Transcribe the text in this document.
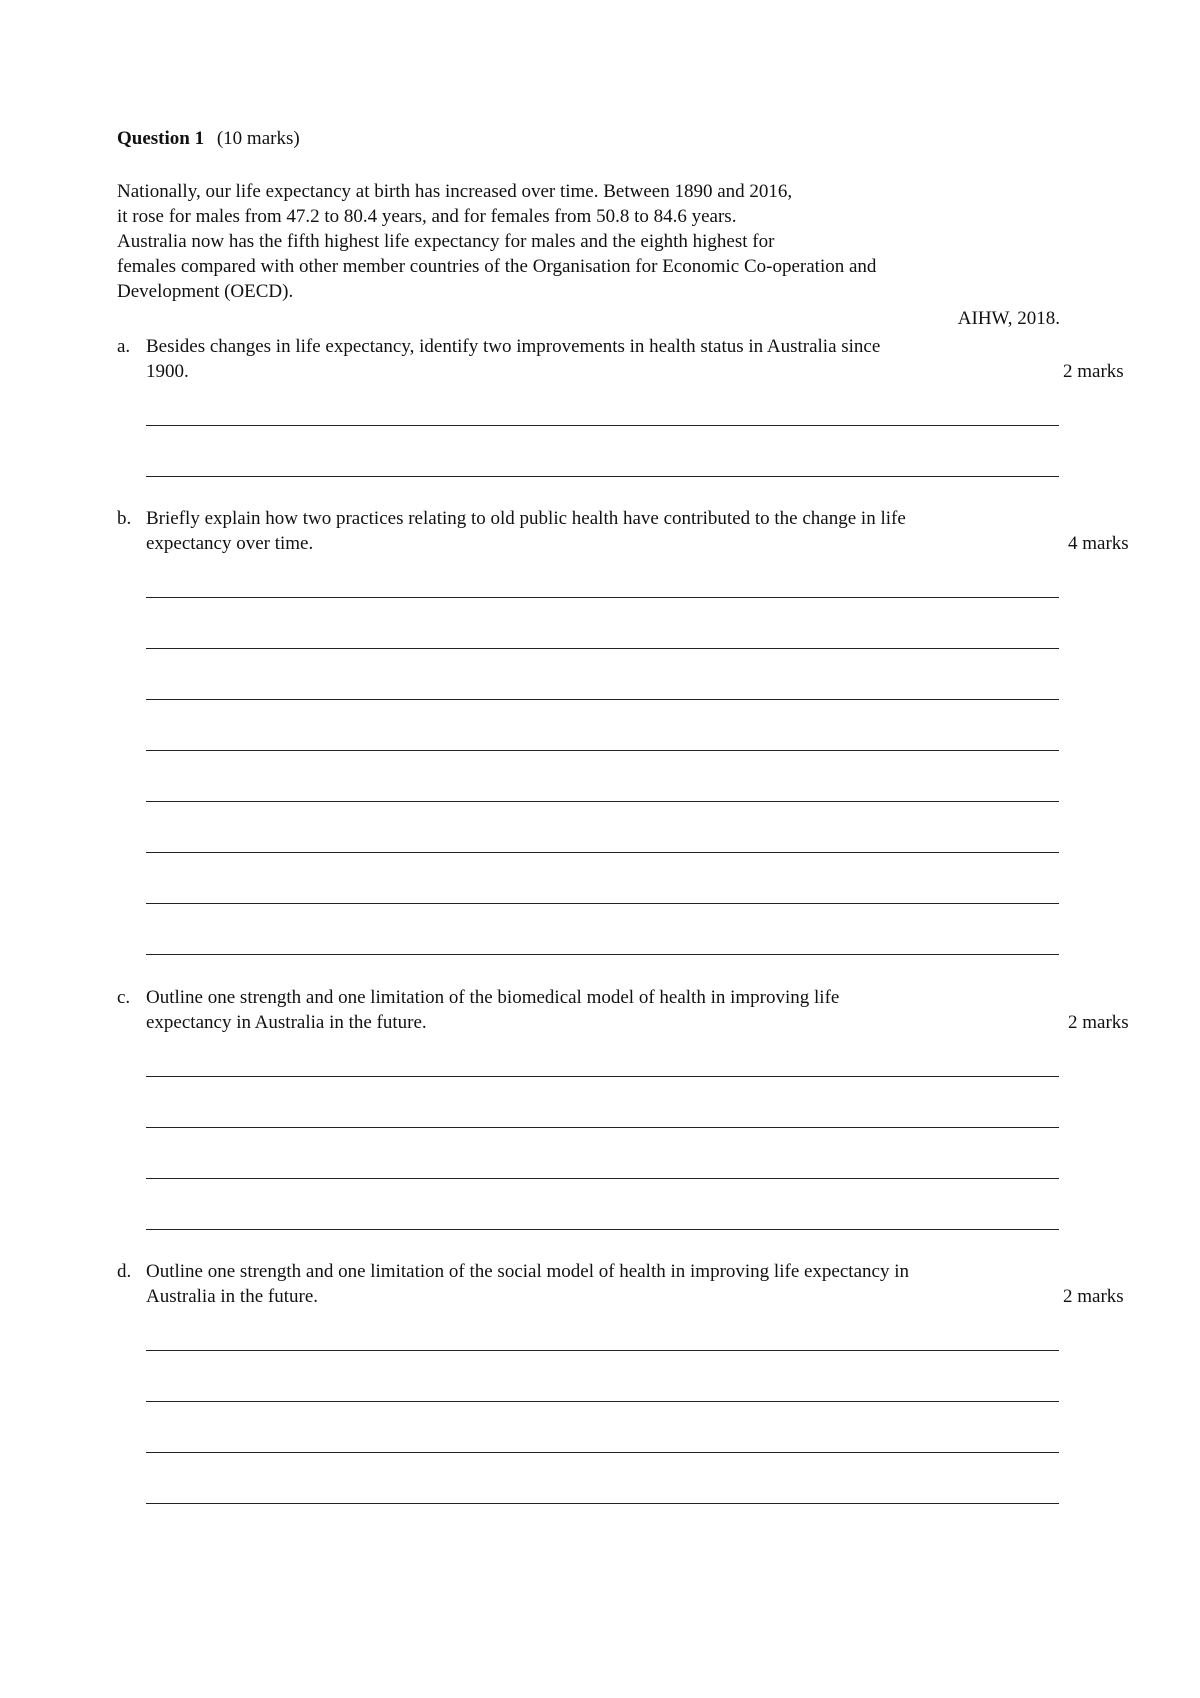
Question 1 (10 marks)
Nationally, our life expectancy at birth has increased over time. Between 1890 and 2016,
it rose for males from 47.2 to 80.4 years, and for females from 50.8 to 84.6 years.
Australia now has the fifth highest life expectancy for males and the eighth highest for
females compared with other member countries of the Organisation for Economic Co-operation and
Development (OECD).
AIHW, 2018.
a. Besides changes in life expectancy, identify two improvements in health status in Australia since
1900.	2 marks
b. Briefly explain how two practices relating to old public health have contributed to the change in life
expectancy over time.	4 marks
c. Outline one strength and one limitation of the biomedical model of health in improving life
expectancy in Australia in the future.	2 marks
d. Outline one strength and one limitation of the social model of health in improving life expectancy in
Australia in the future.	2 marks
